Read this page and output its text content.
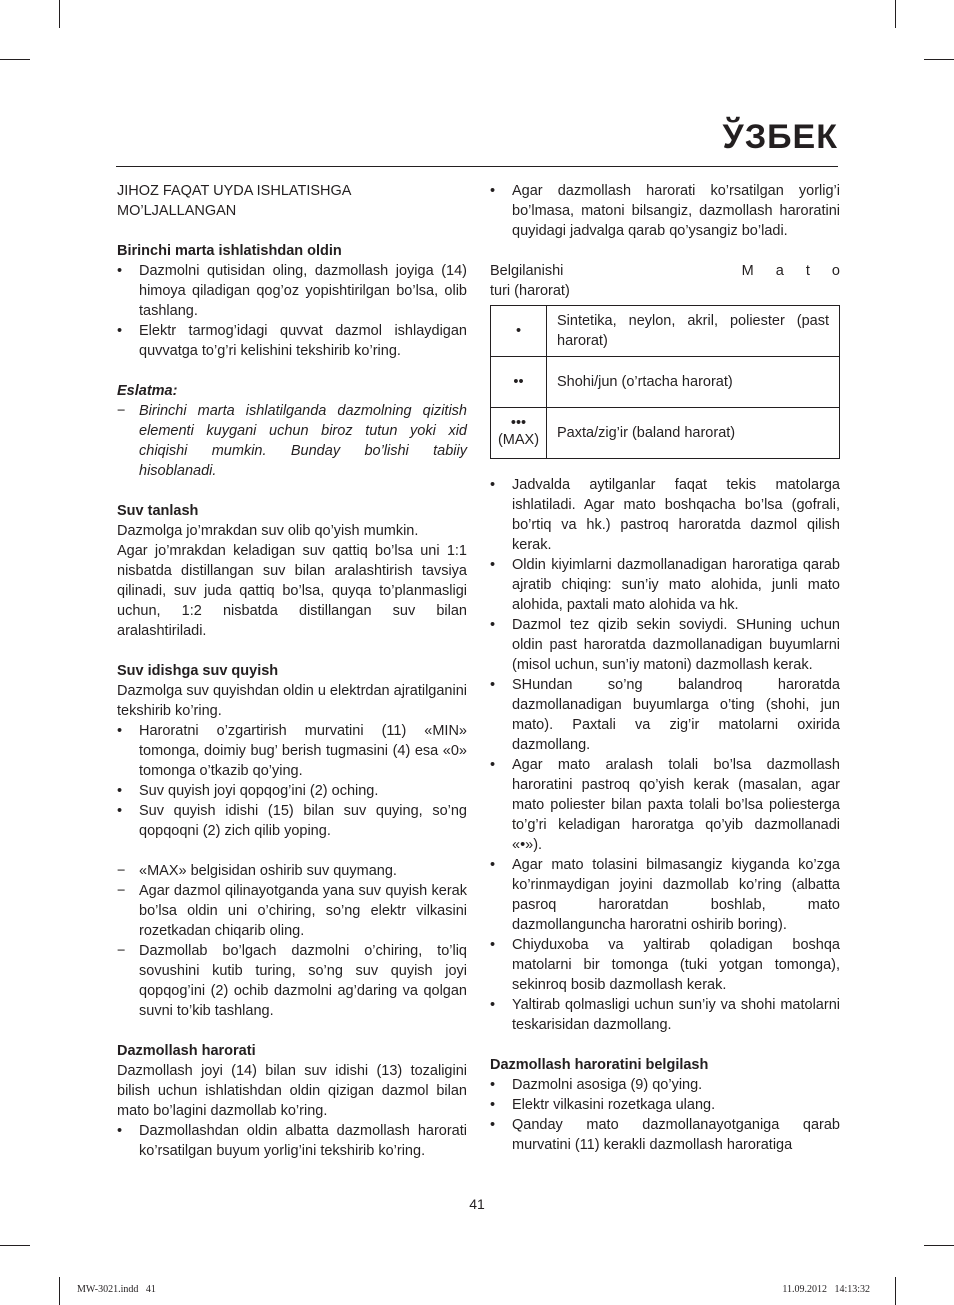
ЎЗБЕК

JIHOZ FAQAT UYDA ISHLATISHGA

MO’LJALLANGAN

Birinchi marta ishlatishdan oldin

• Dazmolni qutisidan oling, dazmollash joyiga (14) himoya qiladigan qog’oz yopishtirilgan bo’lsa, olib tashlang.
• Elektr tarmog’idagi quvvat dazmol ishlaydigan quvvatga to’g’ri kelishini tekshirib ko’ring.

Eslatma:

− Birinchi marta ishlatilganda dazmolning qizitish elementi kuygani uchun biroz tutun yoki xid chiqishi mumkin. Bunday bo’lishi tabiiy hisoblanadi.

Suv tanlash

Dazmolga jo’mrakdan suv olib qo’yish mumkin.

Agar jo’mrakdan keladigan suv qattiq bo’lsa uni 1:1 nisbatda distillangan suv bilan aralashtirish tavsiya qilinadi, suv juda qattiq bo’lsa, quyqa to’planmasligi uchun, 1:2 nisbatda distillangan suv bilan aralashtiriladi.

Suv idishga suv quyish

Dazmolga suv quyishdan oldin u elektrdan ajratilganini tekshirib ko’ring.

• Haroratni o’zgartirish murvatini (11) «MIN» tomonga, doimiy bug’ berish tugmasini (4) esa «0» tomonga o’tkazib qo’ying.
• Suv quyish joyi qopqog’ini (2) oching.
• Suv quyish idishi (15) bilan suv quying, so’ng qopqoqni (2) zich qilib yoping.
− «MAX» belgisidan oshirib suv quymang.
− Agar dazmol qilinayotganda yana suv quyish kerak bo’lsa oldin uni o’chiring, so’ng elektr vilkasini rozetkadan chiqarib oling.
− Dazmollab bo’lgach dazmolni o’chiring, to’liq sovushini kutib turing, so’ng suv quyish joyi qopqog’ini (2) ochib dazmolni ag’daring va qolgan suvni to’kib tashlang.

Dazmollash harorati

Dazmollash joyi (14) bilan suv idishi (13) tozaligini bilish uchun ishlatishdan oldin qizigan dazmol bilan mato bo’lagini dazmollab ko’ring.

• Dazmollashdan oldin albatta dazmollash harorati ko’rsatilgan buyum yorlig’ini tekshirib ko’ring.
• Agar dazmollash harorati ko’rsatilgan yorlig’i bo’lmasa, matoni bilsangiz, dazmollash haroratini quyidagi jadvalga qarab qo’ysangiz bo’ladi.
Belgilanishi	M a t o

turi (harorat)

•	Sintetika, neylon, akril, poliester (past harorat)

••	Shohi/jun (o’rtacha harorat)

•••
(MAX)	Paxta/zig’ir (baland harorat)
• Jadvalda aytilganlar faqat tekis matolarga ishlatiladi. Agar mato boshqacha bo’lsa (gofrali, bo’rtiq va hk.) pastroq haroratda dazmol qilish kerak.
• Oldin kiyimlarni dazmollanadigan haroratiga qarab ajratib chiqing: sun’iy mato alohida, junli mato alohida, paxtali mato alohida va hk.
• Dazmol tez qizib sekin soviydi. SHuning uchun oldin past haroratda dazmollanadigan buyumlarni (misol uchun, sun’iy matoni) dazmollash kerak.
• SHundan so’ng balandroq haroratda dazmollanadigan buyumlarga o’ting (shohi, jun mato). Paxtali va zig’ir matolarni oxirida dazmollang.
• Agar mato aralash tolali bo’lsa dazmollash haroratini pastroq qo’yish kerak (masalan, agar mato poliester bilan paxta tolali bo’lsa poliesterga to’g’ri keladigan haroratga qo’yib dazmollanadi «•»).
• Agar mato tolasini bilmasangiz kiyganda ko’zga ko’rinmaydigan joyini dazmollab ko’ring (albatta pasroq haroratdan boshlab, mato dazmollanguncha haroratni oshirib boring).
• Chiyduxoba va yaltirab qoladigan boshqa matolarni bir tomonga (tuki yotgan tomonga), sekinroq bosib dazmollash kerak.
• Yaltirab qolmasligi uchun sun’iy va shohi matolarni teskarisidan dazmollang.

Dazmollash haroratini belgilash

• Dazmolni asosiga (9) qo’ying.
• Elektr vilkasini rozetkaga ulang.
• Qanday mato dazmollanayotganiga qarab murvatini (11) kerakli dazmollash haroratiga

41

MW-3021.indd   41	11.09.2012   14:13:32
